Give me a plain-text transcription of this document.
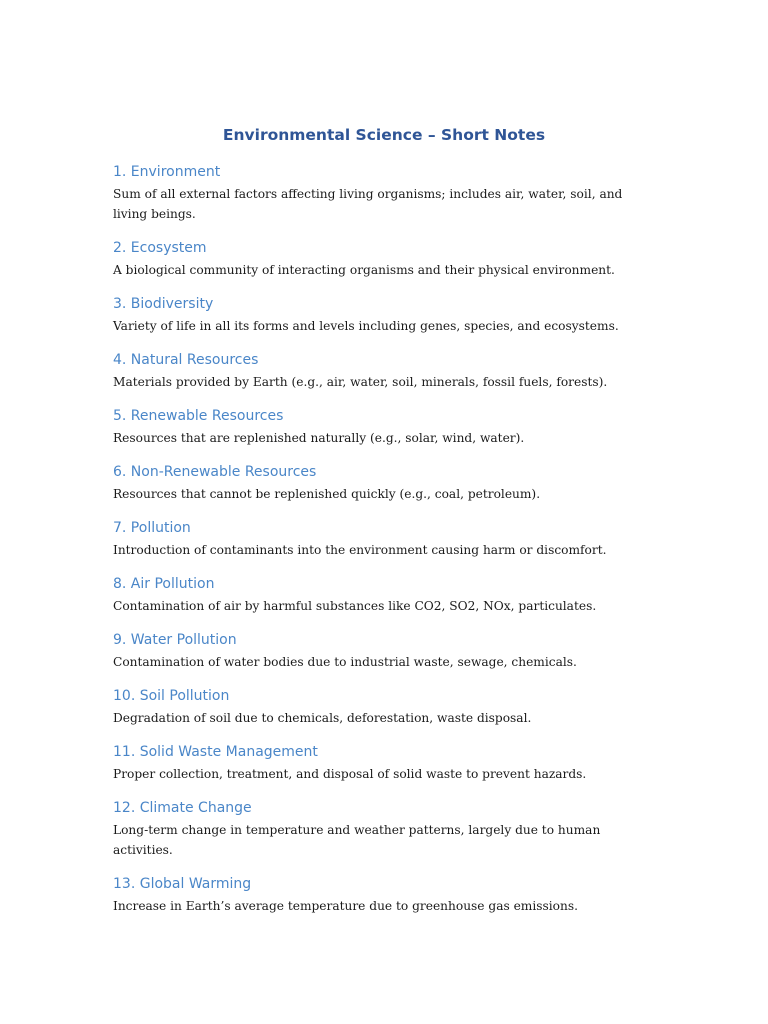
Environmental Science – Short Notes
1. Environment

Sum of all external factors affecting living organisms; includes air, water, soil, and living beings.

2. Ecosystem

A biological community of interacting organisms and their physical environment.

3. Biodiversity

Variety of life in all its forms and levels including genes, species, and ecosystems.

4. Natural Resources

Materials provided by Earth (e.g., air, water, soil, minerals, fossil fuels, forests).

5. Renewable Resources

Resources that are replenished naturally (e.g., solar, wind, water).

6. Non-Renewable Resources

Resources that cannot be replenished quickly (e.g., coal, petroleum).

7. Pollution

Introduction of contaminants into the environment causing harm or discomfort.

8. Air Pollution

Contamination of air by harmful substances like CO2, SO2, NOx, particulates.

9. Water Pollution

Contamination of water bodies due to industrial waste, sewage, chemicals.

10. Soil Pollution

Degradation of soil due to chemicals, deforestation, waste disposal.

11. Solid Waste Management

Proper collection, treatment, and disposal of solid waste to prevent hazards.

12. Climate Change

Long-term change in temperature and weather patterns, largely due to human activities.

13. Global Warming

Increase in Earth’s average temperature due to greenhouse gas emissions.
